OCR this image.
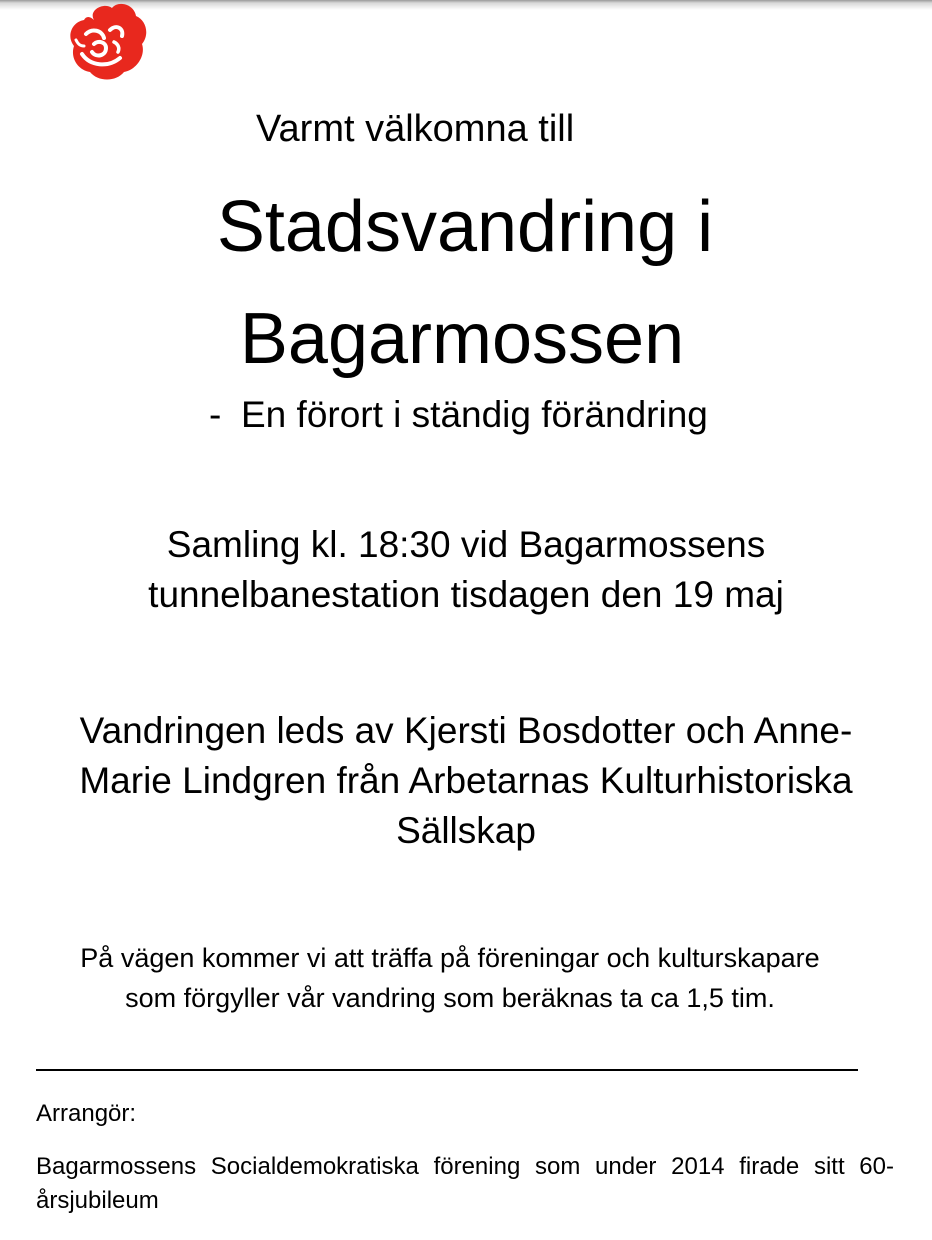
Varmt välkomna till
Stadsvandring i
Bagarmossen
- En förort i ständig förändring
Samling kl. 18:30 vid Bagarmossens
tunnelbanestation tisdagen den 19 maj
Vandringen leds av Kjersti Bosdotter och Anne-
Marie Lindgren från Arbetarnas Kulturhistoriska
Sällskap
På vägen kommer vi att träffa på föreningar och kulturskapare
som förgyller vår vandring som beräknas ta ca 1,5 tim.
Arrangör:
Bagarmossens Socialdemokratiska förening som under 2014 firade sitt 60-årsjubileum
